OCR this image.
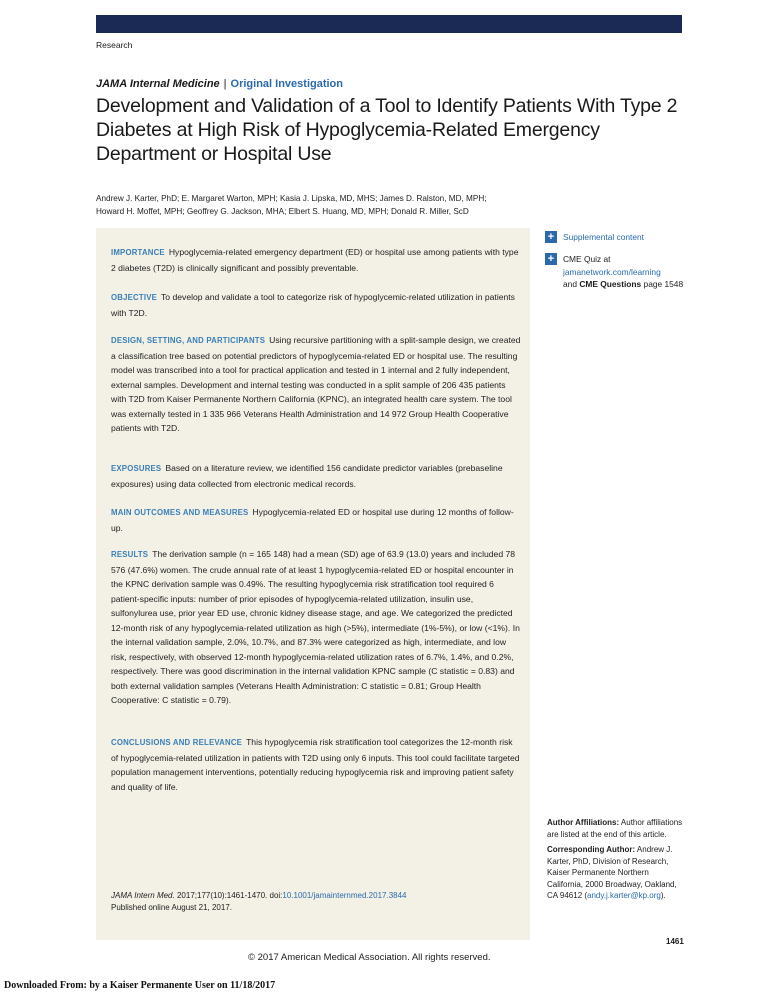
Research
JAMA Internal Medicine | Original Investigation
Development and Validation of a Tool to Identify Patients With Type 2 Diabetes at High Risk of Hypoglycemia-Related Emergency Department or Hospital Use
Andrew J. Karter, PhD; E. Margaret Warton, MPH; Kasia J. Lipska, MD, MHS; James D. Ralston, MD, MPH;
Howard H. Moffet, MPH; Geoffrey G. Jackson, MHA; Elbert S. Huang, MD, MPH; Donald R. Miller, ScD
IMPORTANCE Hypoglycemia-related emergency department (ED) or hospital use among patients with type 2 diabetes (T2D) is clinically significant and possibly preventable.
OBJECTIVE To develop and validate a tool to categorize risk of hypoglycemic-related utilization in patients with T2D.
DESIGN, SETTING, AND PARTICIPANTS Using recursive partitioning with a split-sample design, we created a classification tree based on potential predictors of hypoglycemia-related ED or hospital use. The resulting model was transcribed into a tool for practical application and tested in 1 internal and 2 fully independent, external samples. Development and internal testing was conducted in a split sample of 206 435 patients with T2D from Kaiser Permanente Northern California (KPNC), an integrated health care system. The tool was externally tested in 1 335 966 Veterans Health Administration and 14 972 Group Health Cooperative patients with T2D.
EXPOSURES Based on a literature review, we identified 156 candidate predictor variables (prebaseline exposures) using data collected from electronic medical records.
MAIN OUTCOMES AND MEASURES Hypoglycemia-related ED or hospital use during 12 months of follow-up.
RESULTS The derivation sample (n = 165 148) had a mean (SD) age of 63.9 (13.0) years and included 78 576 (47.6%) women. The crude annual rate of at least 1 hypoglycemia-related ED or hospital encounter in the KPNC derivation sample was 0.49%. The resulting hypoglycemia risk stratification tool required 6 patient-specific inputs: number of prior episodes of hypoglycemia-related utilization, insulin use, sulfonylurea use, prior year ED use, chronic kidney disease stage, and age. We categorized the predicted 12-month risk of any hypoglycemia-related utilization as high (>5%), intermediate (1%-5%), or low (<1%). In the internal validation sample, 2.0%, 10.7%, and 87.3% were categorized as high, intermediate, and low risk, respectively, with observed 12-month hypoglycemia-related utilization rates of 6.7%, 1.4%, and 0.2%, respectively. There was good discrimination in the internal validation KPNC sample (C statistic = 0.83) and both external validation samples (Veterans Health Administration: C statistic = 0.81; Group Health Cooperative: C statistic = 0.79).
CONCLUSIONS AND RELEVANCE This hypoglycemia risk stratification tool categorizes the 12-month risk of hypoglycemia-related utilization in patients with T2D using only 6 inputs. This tool could facilitate targeted population management interventions, potentially reducing hypoglycemia risk and improving patient safety and quality of life.
JAMA Intern Med. 2017;177(10):1461-1470. doi:10.1001/jamainternmed.2017.3844
Published online August 21, 2017.
+	Supplemental content
+	CME Quiz at
jamanetwork.com/learning
and CME Questions page 1548

Author Affiliations: Author affiliations are listed at the end of this article.

Corresponding Author: Andrew J. Karter, PhD, Division of Research, Kaiser Permanente Northern California, 2000 Broadway, Oakland, CA 94612 (andy.j.karter@kp.org).

1461
© 2017 American Medical Association. All rights reserved.
Downloaded From: by a Kaiser Permanente User on 11/18/2017
